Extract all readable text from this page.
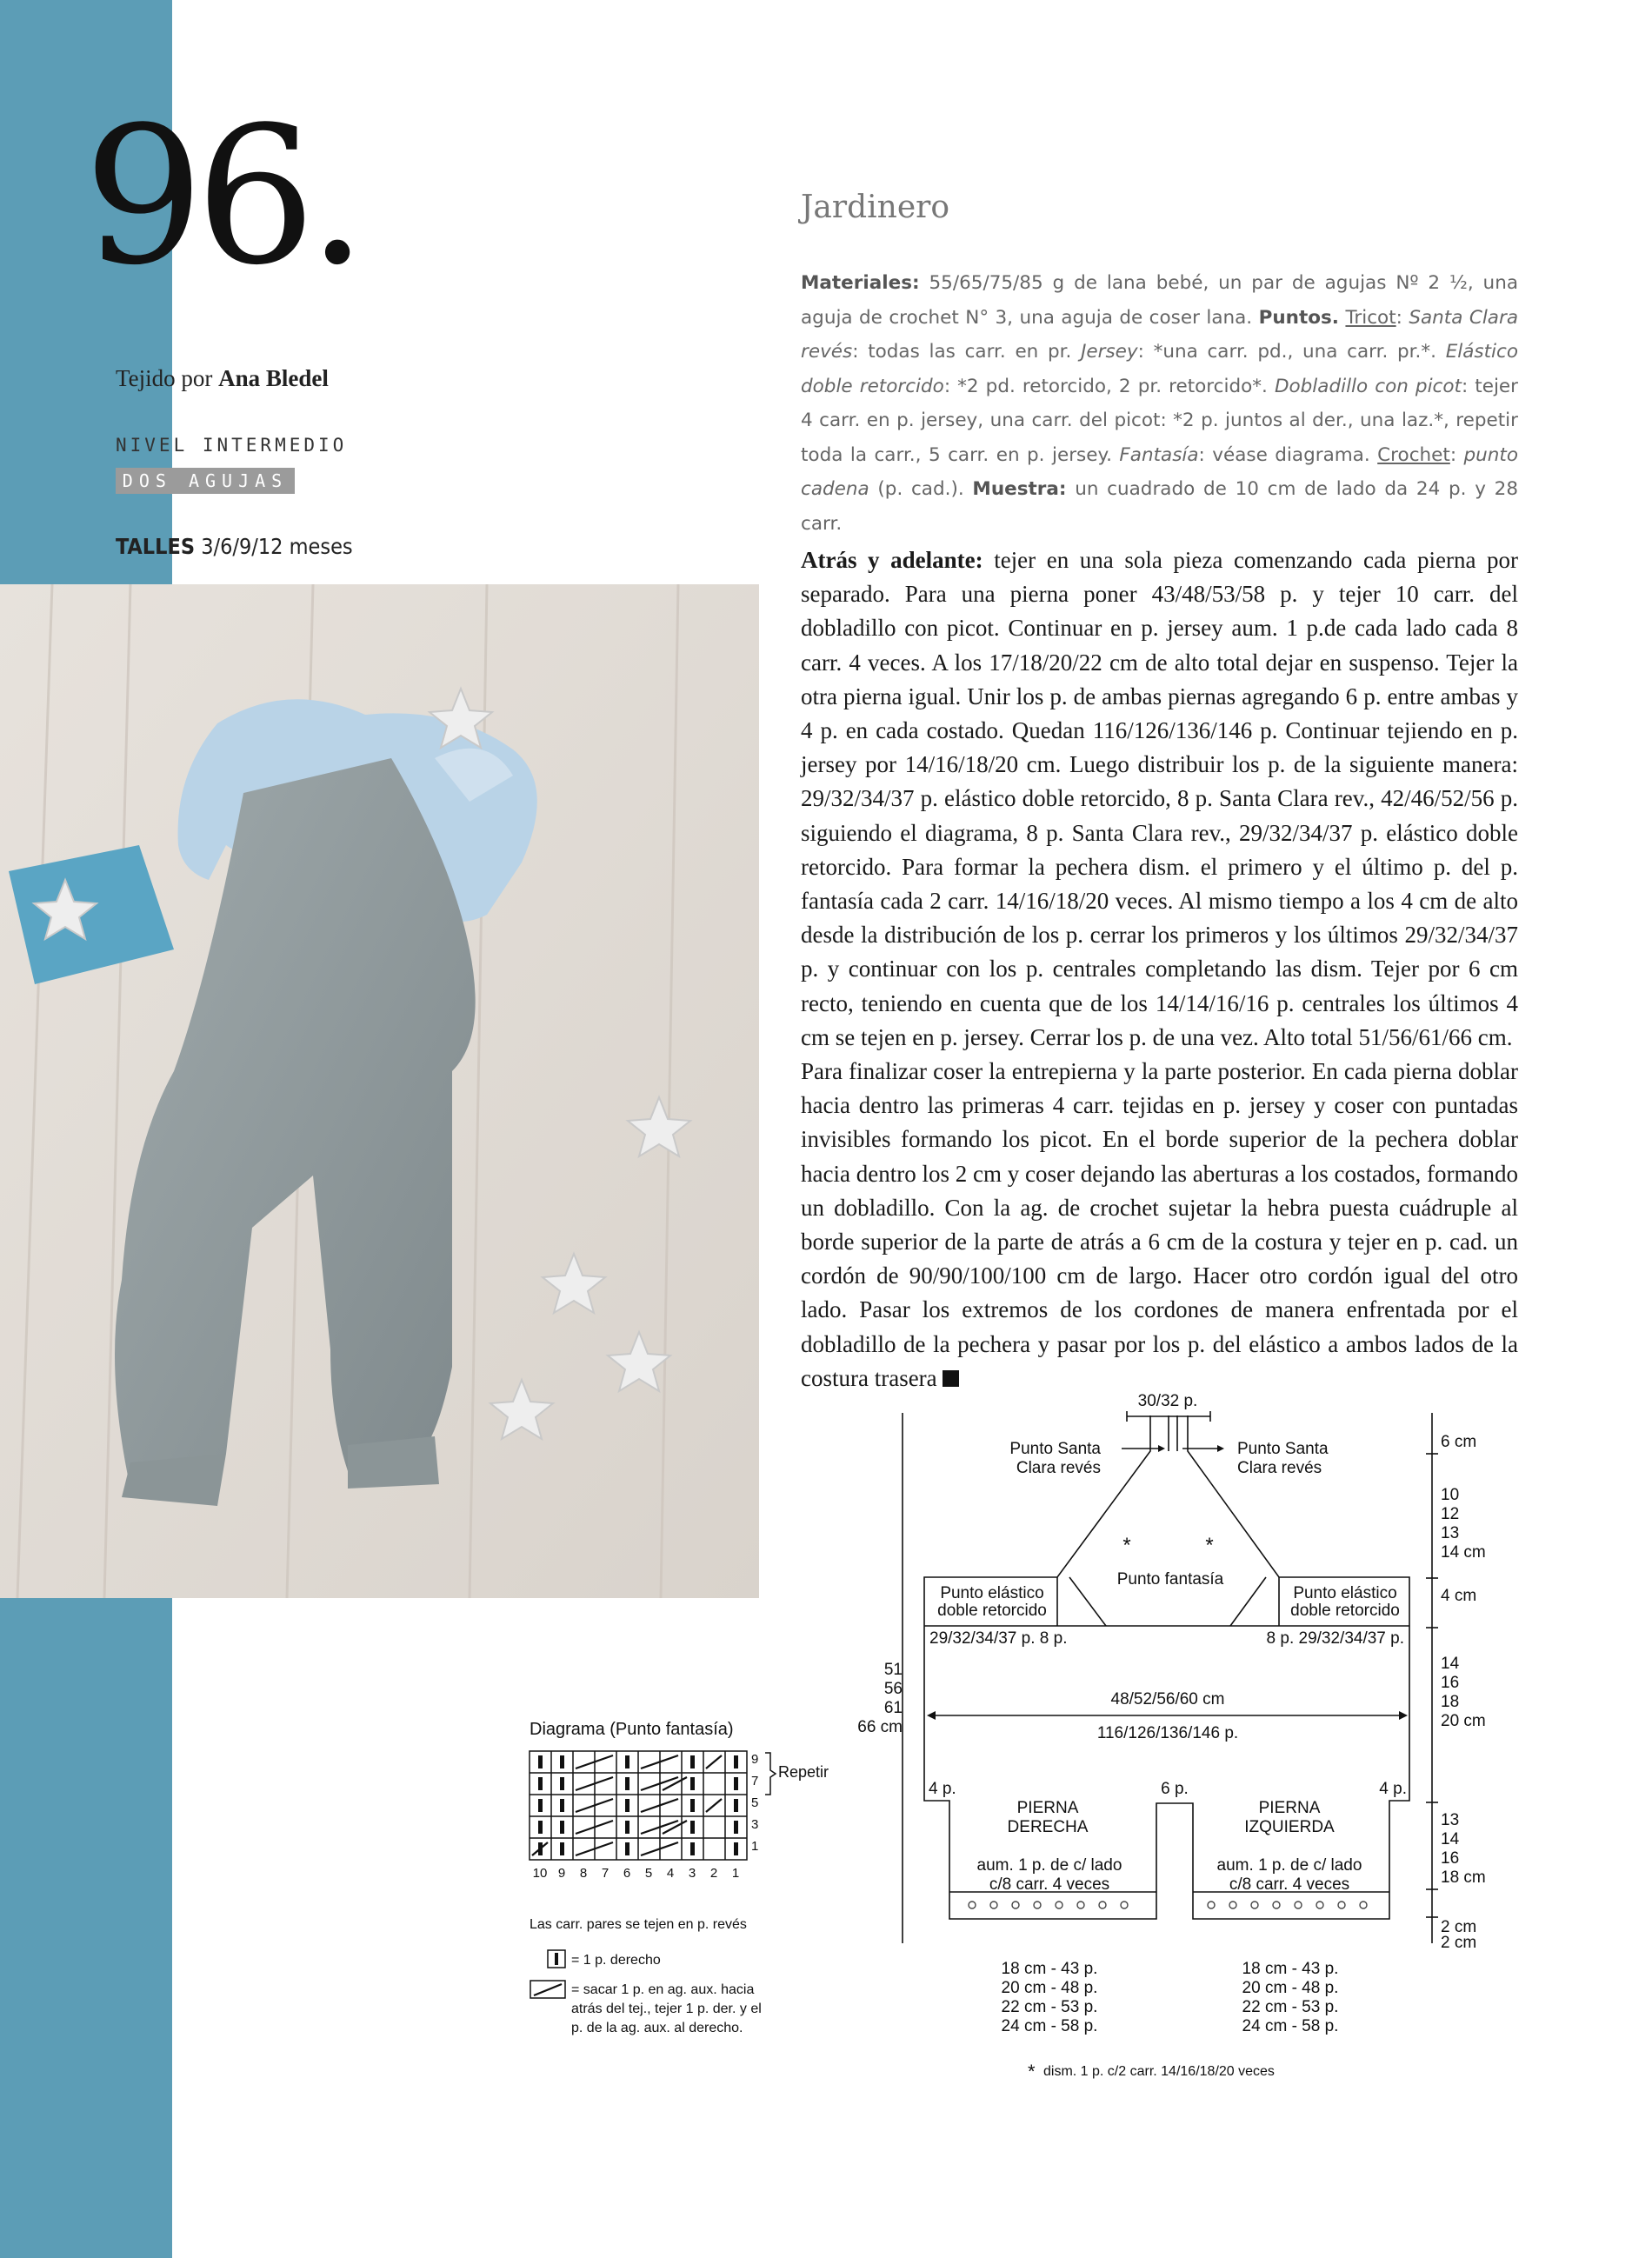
96.
Tejido por Ana Bledel
NIVEL INTERMEDIO
DOS AGUJAS
TALLES 3/6/9/12 meses
Jardinero
Materiales: 55/65/75/85 g de lana bebé, un par de agujas Nº 2 ½, una aguja de crochet N° 3, una aguja de coser lana. Puntos. Tricot: Santa Clara revés: todas las carr. en pr. Jersey: *una carr. pd., una carr. pr.*. Elástico doble retorcido: *2 pd. retorcido, 2 pr. retorcido*. Dobladillo con picot: tejer 4 carr. en p. jersey, una carr. del picot: *2 p. juntos al der., una laz.*, repetir toda la carr., 5 carr. en p. jersey. Fantasía: véase diagrama. Crochet: punto cadena (p. cad.). Muestra: un cuadrado de 10 cm de lado da 24 p. y 28 carr.

Atrás y adelante: tejer en una sola pieza comenzando cada pierna por separado. Para una pierna poner 43/48/53/58 p. y tejer 10 carr. del dobladillo con picot. Continuar en p. jersey aum. 1 p.de cada lado cada 8 carr. 4 veces. A los 17/18/20/22 cm de alto total dejar en suspenso. Tejer la otra pierna igual. Unir los p. de ambas piernas agregando 6 p. entre ambas y 4 p. en cada costado. Quedan 116/126/136/146 p. Continuar tejiendo en p. jersey por 14/16/18/20 cm. Luego distribuir los p. de la siguiente manera: 29/32/34/37 p. elástico doble retorcido, 8 p. Santa Clara rev., 42/46/52/56 p. siguiendo el diagrama, 8 p. Santa Clara rev., 29/32/34/37 p. elástico doble retorcido. Para formar la pechera dism. el primero y el último p. del p. fantasía cada 2 carr. 14/16/18/20 veces. Al mismo tiempo a los 4 cm de alto desde la distribución de los p. cerrar los primeros y los últimos 29/32/34/37 p. y continuar con los p. centrales completando las dism. Tejer por 6 cm recto, teniendo en cuenta que de los 14/14/16/16 p. centrales los últimos 4 cm se tejen en p. jersey. Cerrar los p. de una vez. Alto total 51/56/61/66 cm.

Para finalizar coser la entrepierna y la parte posterior. En cada pierna doblar hacia dentro las primeras 4 carr. tejidas en p. jersey y coser con puntadas invisibles formando los picot. En el borde superior de la pechera doblar hacia dentro los 2 cm y coser dejando las aberturas a los costados, formando un dobladillo. Con la ag. de crochet sujetar la hebra puesta cuádruple al borde superior de la parte de atrás a 6 cm de la costura y tejer en p. cad. un cordón de 90/90/100/100 cm de largo. Hacer otro cordón igual del otro lado. Pasar los extremos de los cordones de manera enfrentada por el dobladillo de la pechera y pasar por los p. del elástico a ambos lados de la costura trasera

Diagrama (Punto fantasía)
9
7
5
3
1
Repetir
10 9 8 7 6 5 4 3 2 1
Las carr. pares se tejen en p. revés
= 1 p. derecho
= sacar 1 p. en ag. aux. hacia
atrás del tej., tejer 1 p. der. y el
p. de la ag. aux. al derecho.
30/32 p.
Punto Santa
Clara revés
Punto Santa
Clara revés
*	*
Punto fantasía
Punto elástico
doble retorcido
Punto elástico
doble retorcido
29/32/34/37 p. 8 p.	8 p. 29/32/34/37 p.
48/52/56/60 cm
116/126/136/146 p.
4 p.	6 p.	4 p.
PIERNA
DERECHA
PIERNA
IZQUIERDA
aum. 1 p. de c/ lado
c/8 carr. 4 veces
aum. 1 p. de c/ lado
c/8 carr. 4 veces
51
56
61
66 cm
6 cm
10
12
13
14 cm
4 cm
14
16
18
20 cm
13
14
16
18 cm
2 cm
2 cm
18 cm - 43 p.
20 cm - 48 p.
22 cm - 53 p.
24 cm - 58 p.
18 cm - 43 p.
20 cm - 48 p.
22 cm - 53 p.
24 cm - 58 p.
* dism. 1 p. c/2 carr. 14/16/18/20 veces
